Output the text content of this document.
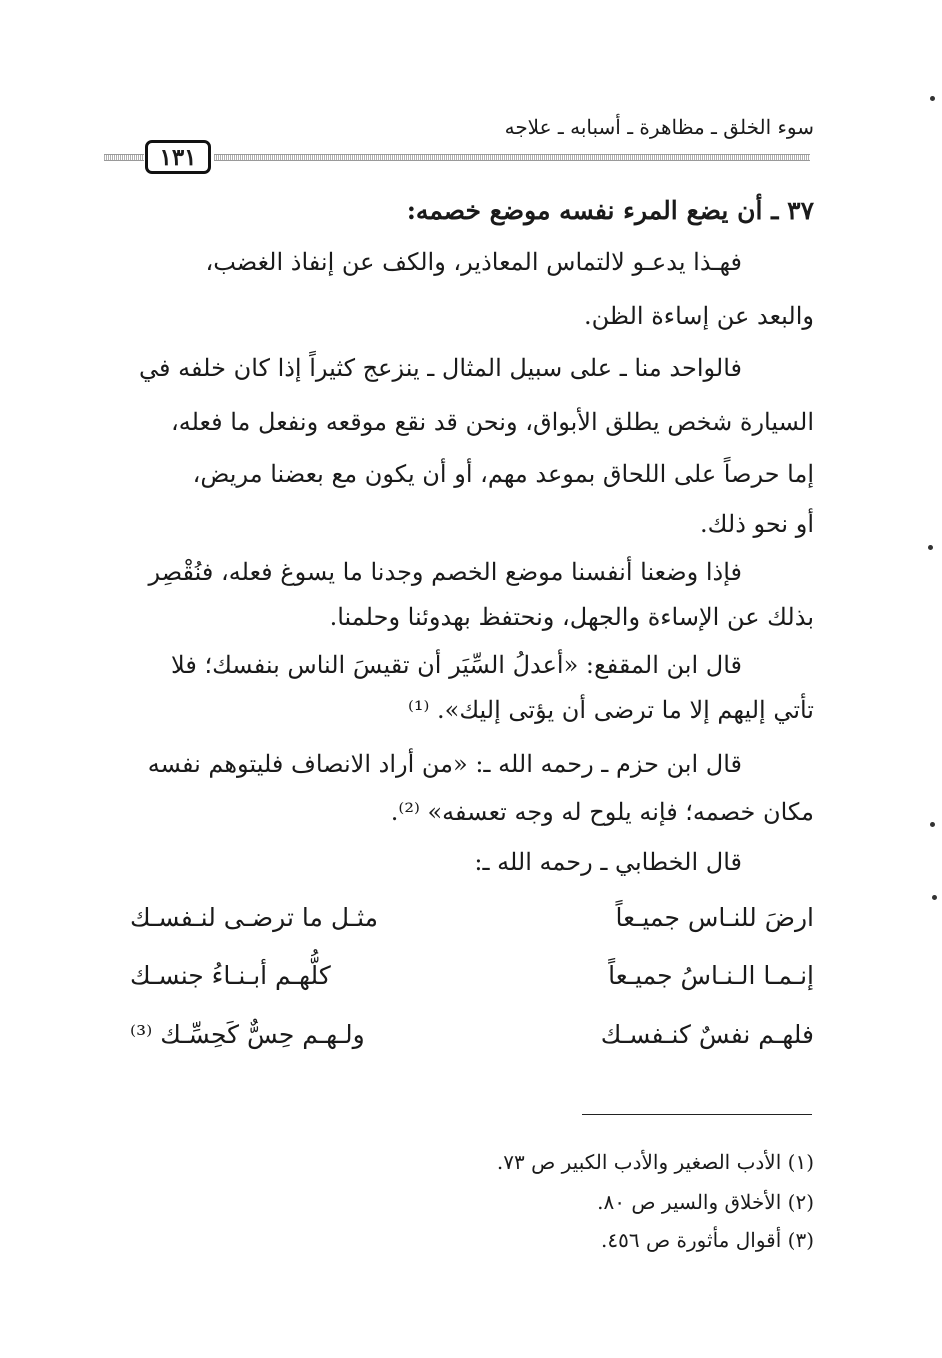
سوء الخلق ـ مظاهرة ـ أسبابه ـ علاجه
١٣١
٣٧ ـ أن يضع المرء نفسه موضع خصمه:
فهـذا يدعـو لالتماس المعاذير، والكف عن إنفاذ الغضب،
والبعد عن إساءة الظن.
فالواحد منا ـ على سبيل المثال ـ ينزعج كثيراً إذا كان خلفه في
السيارة شخص يطلق الأبواق، ونحن قد نقع موقعه ونفعل ما فعله،
إما حرصاً على اللحاق بموعد مهم، أو أن يكون مع بعضنا مريض،
أو نحو ذلك.
فإذا وضعنا أنفسنا موضع الخصم وجدنا ما يسوغ فعله، فنُقْصِر
بذلك عن الإساءة والجهل، ونحتفظ بهدوئنا وحلمنا.
قال ابن المقفع: «أعدلُ السِّيَر أن تقيسَ الناس بنفسك؛ فلا
تأتي إليهم إلا ما ترضى أن يؤتى إليك». ⁽¹⁾
قال ابن حزم ـ رحمه الله ـ: «من أراد الانصاف فليتوهم نفسه
مكان خصمه؛ فإنه يلوح له وجه تعسفه» ⁽²⁾.
قال الخطابي ـ رحمه الله ـ:
ارضَ للنـاس جميـعاً
مثـل ما ترضـى لنـفسـك
إنـمـا الـنـاسُ جميـعاً
كلُّهـم أبـنـاءُ جنسـك
فلهـم نفسٌ كنـفسـك
ولـهـم حِسٌّ كَحِسِّـك ⁽³⁾
(١) الأدب الصغير والأدب الكبير ص ٧٣.
(٢) الأخلاق والسير ص ٨٠.
(٣) أقوال مأثورة ص ٤٥٦.
